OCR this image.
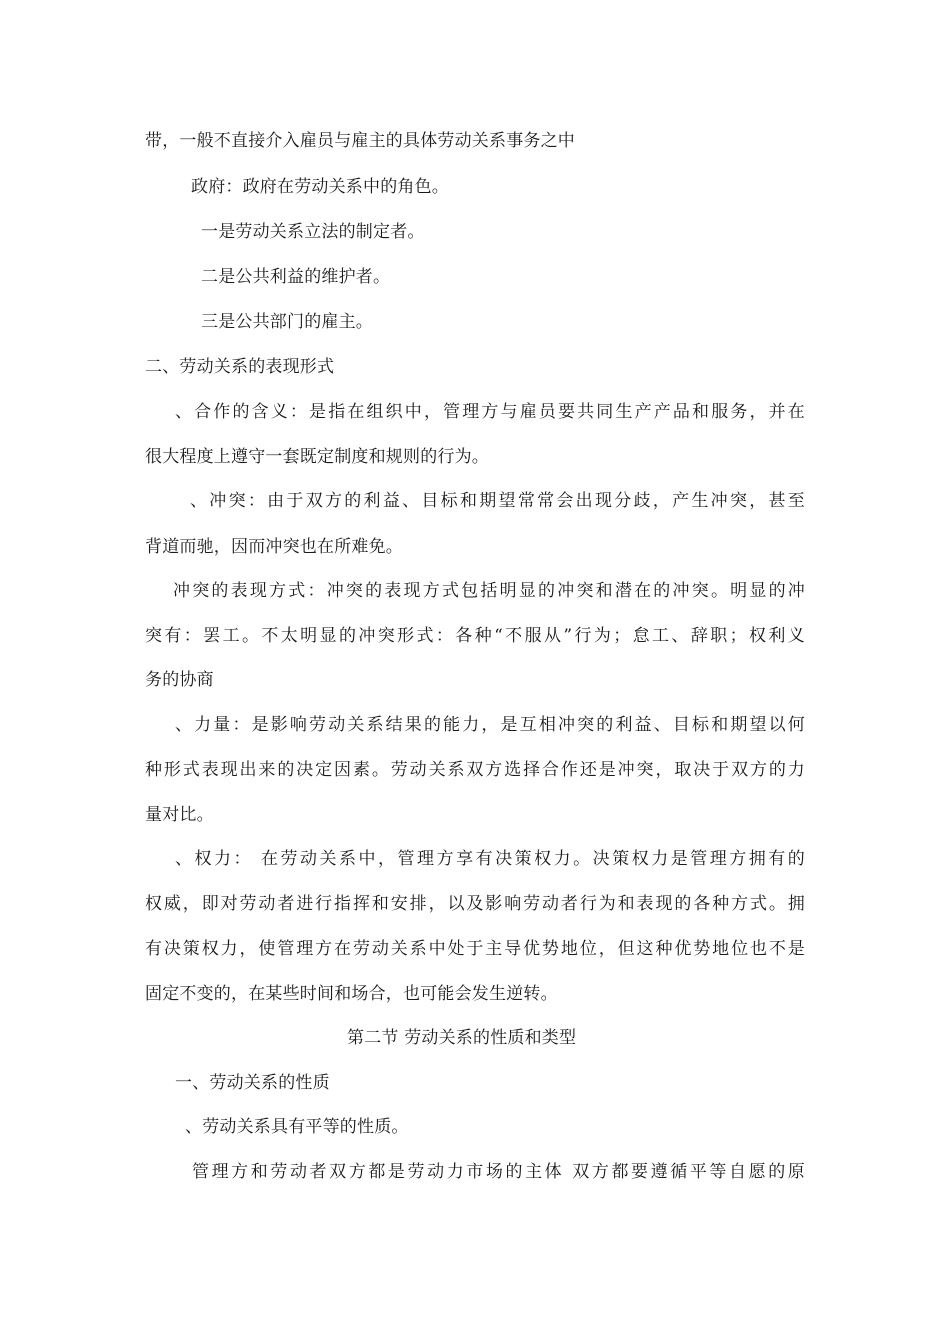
带，一般不直接介入雇员与雇主的具体劳动关系事务之中
政府：政府在劳动关系中的角色。
一是劳动关系立法的制定者。
二是公共利益的维护者。
三是公共部门的雇主。
二、劳动关系的表现形式
、合作的含义：是指在组织中，管理方与雇员要共同生产产品和服务，并在
很大程度上遵守一套既定制度和规则的行为。
、冲突：由于双方的利益、目标和期望常常会出现分歧，产生冲突，甚至
背道而驰，因而冲突也在所难免。
冲突的表现方式：冲突的表现方式包括明显的冲突和潜在的冲突。明显的冲
突有：罢工。不太明显的冲突形式：各种“不服从”行为；怠工、辞职；权利义
务的协商
、力量：是影响劳动关系结果的能力，是互相冲突的利益、目标和期望以何
种形式表现出来的决定因素。劳动关系双方选择合作还是冲突，取决于双方的力
量对比。
、权力： 在劳动关系中，管理方享有决策权力。决策权力是管理方拥有的
权威，即对劳动者进行指挥和安排，以及影响劳动者行为和表现的各种方式。拥
有决策权力，使管理方在劳动关系中处于主导优势地位，但这种优势地位也不是
固定不变的，在某些时间和场合，也可能会发生逆转。
第二节 劳动关系的性质和类型
一、劳动关系的性质
、劳动关系具有平等的性质。
管理方和劳动者双方都是劳动力市场的主体 双方都要遵循平等自愿的原
